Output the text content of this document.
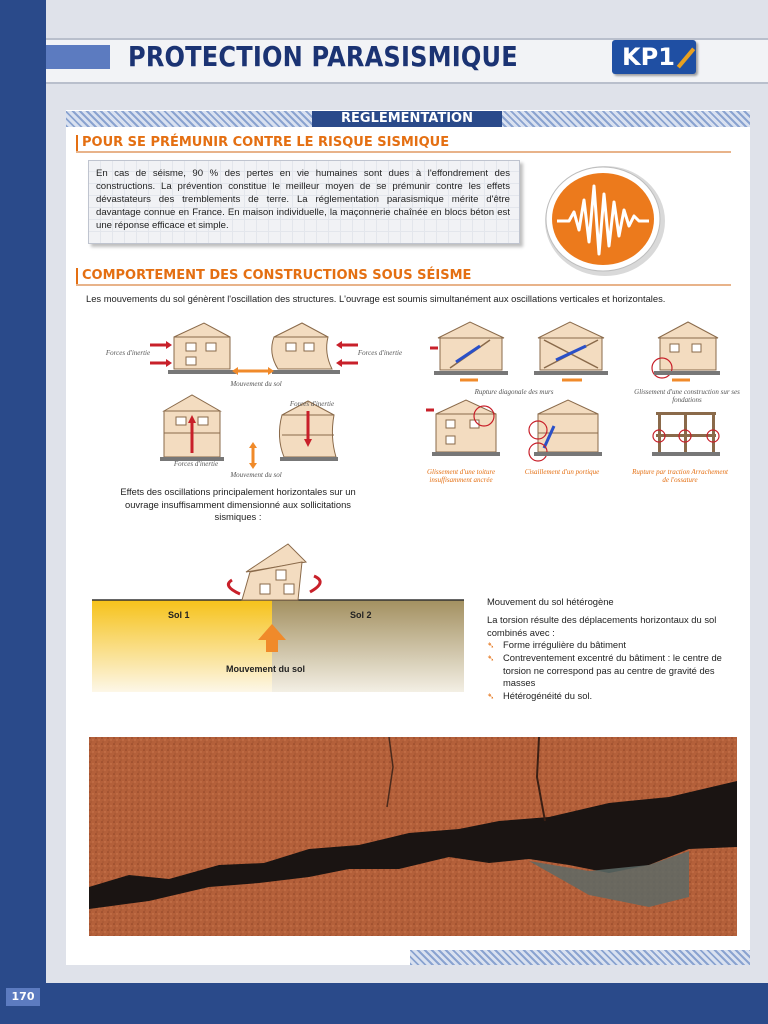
170
PROTECTION PARASISMIQUE	KP1
REGLEMENTATION
POUR SE PRÉMUNIR CONTRE LE RISQUE SISMIQUE
En cas de séisme, 90 % des pertes en vie humaines sont dues à l'effondrement des constructions. La prévention constitue le meilleur moyen de se prémunir contre les effets dévastateurs des tremblements de terre. La réglementation parasismique mérite d'être davantage connue en France. En maison individuelle, la maçonnerie chaînée en blocs béton est une réponse efficace et simple.
COMPORTEMENT DES CONSTRUCTIONS SOUS SÉISME
Les mouvements du sol génèrent l'oscillation des structures. L'ouvrage est soumis simultanément aux oscillations verticales et horizontales.
Forces d'inertie	Forces d'inertie
Mouvement du sol
Forces d'inertie
Forces d'inertie
Mouvement du sol
Rupture diagonale des murs	Glissement d'une construction sur ses fondations
Glissement d'une toiture insuffisamment ancrée
Cisaillement d'un portique	Rupture par traction Arrachement de l'ossature
Effets des oscillations principalement horizontales sur un ouvrage insuffisamment dimensionné aux sollicitations sismiques :
Sol 1	Sol 2
Mouvement du sol
Mouvement du sol hétérogène
La torsion résulte des déplacements horizontaux du sol combinés avec :
➴ Forme irrégulière du bâtiment
➴ Contreventement excentré du bâtiment : le centre de torsion ne correspond pas au centre de gravité des masses
➴ Hétérogénéité du sol.
